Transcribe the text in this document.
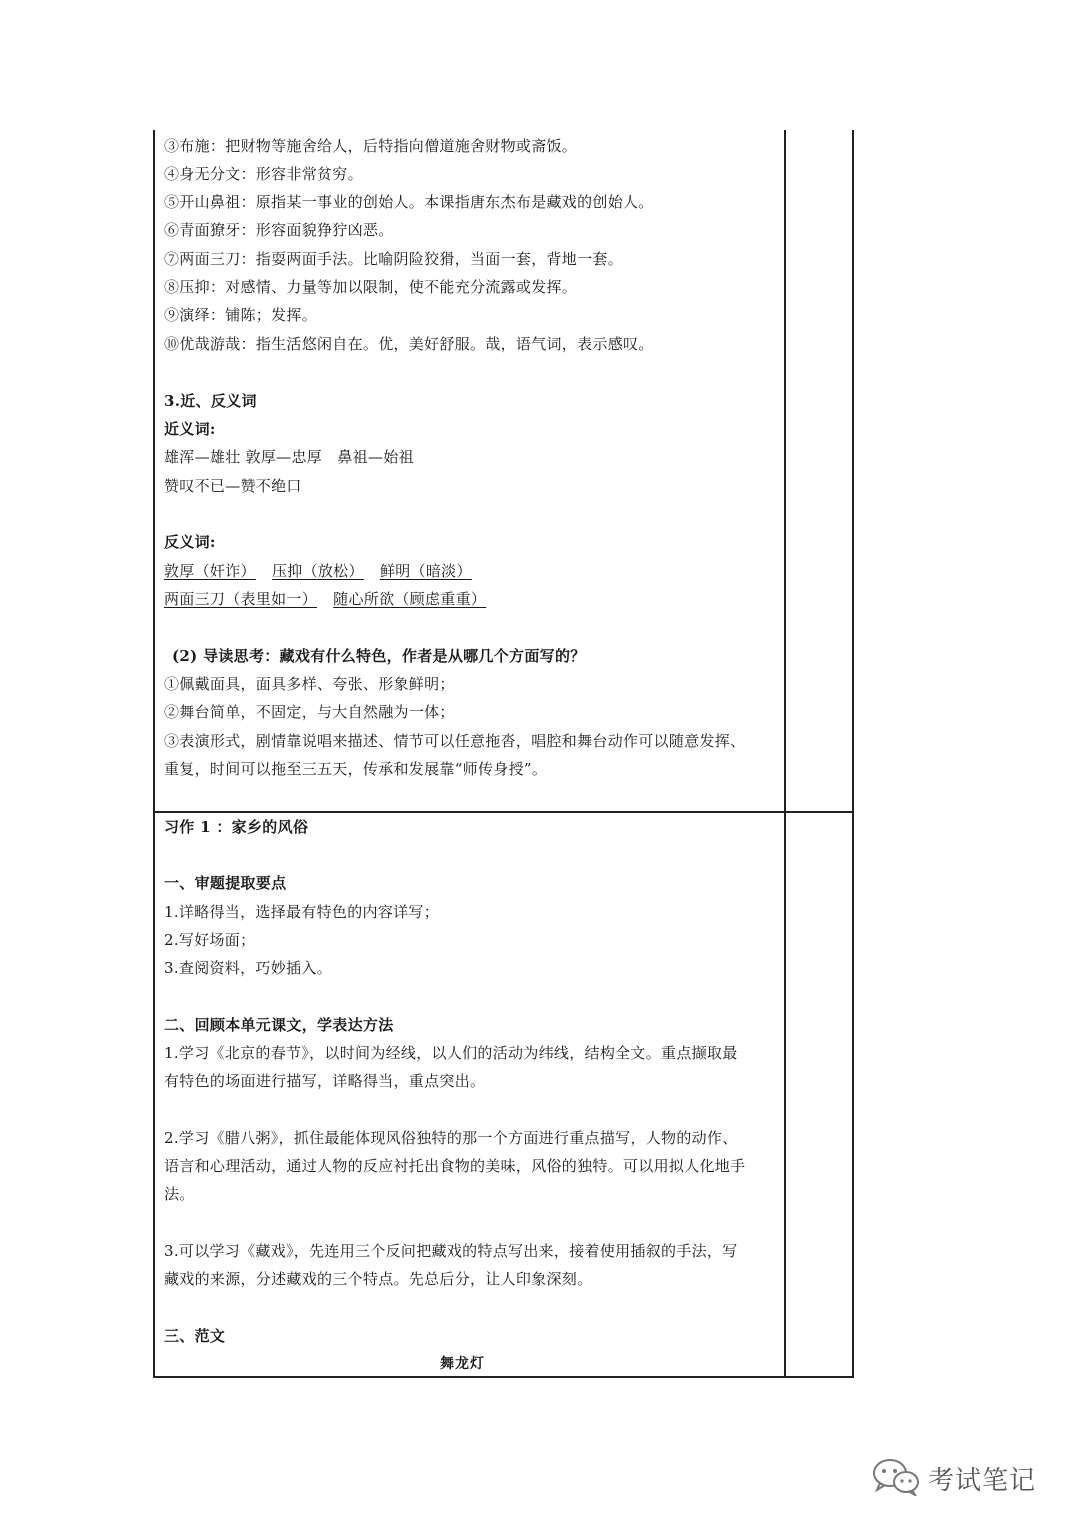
③布施：把财物等施舍给人，后特指向僧道施舍财物或斋饭。
④身无分文：形容非常贫穷。
⑤开山鼻祖：原指某一事业的创始人。本课指唐东杰布是藏戏的创始人。
⑥青面獠牙：形容面貌狰狞凶恶。
⑦两面三刀：指耍两面手法。比喻阴险狡猾，当面一套，背地一套。
⑧压抑：对感情、力量等加以限制，使不能充分流露或发挥。
⑨演绎：铺陈；发挥。
⑩优哉游哉：指生活悠闲自在。优，美好舒服。哉，语气词，表示感叹。
3.近、反义词
近义词:
雄浑—雄壮 敦厚—忠厚　鼻祖—始祖
赞叹不已—赞不绝口
反义词:
敦厚（奸诈） 压抑（放松） 鲜明（暗淡）
两面三刀（表里如一） 随心所欲（顾虑重重）
(2) 导读思考：藏戏有什么特色，作者是从哪几个方面写的？
①佩戴面具，面具多样、夸张、形象鲜明；
②舞台简单，不固定，与大自然融为一体；
③表演形式，剧情靠说唱来描述、情节可以任意拖沓，唱腔和舞台动作可以随意发挥、
重复，时间可以拖至三五天，传承和发展靠“师传身授”。
习作 1 ：家乡的风俗
一、审题提取要点
1.详略得当，选择最有特色的内容详写；
2.写好场面；
3.查阅资料，巧妙插入。
二、回顾本单元课文，学表达方法
1.学习《北京的春节》，以时间为经线，以人们的活动为纬线，结构全文。重点撷取最
有特色的场面进行描写，详略得当，重点突出。
2.学习《腊八粥》，抓住最能体现风俗独特的那一个方面进行重点描写，人物的动作、
语言和心理活动，通过人物的反应衬托出食物的美味，风俗的独特。可以用拟人化地手
法。
3.可以学习《藏戏》，先连用三个反问把藏戏的特点写出来，接着使用插叙的手法，写
藏戏的来源，分述藏戏的三个特点。先总后分，让人印象深刻。
三、范文
舞龙灯
考试笔记
